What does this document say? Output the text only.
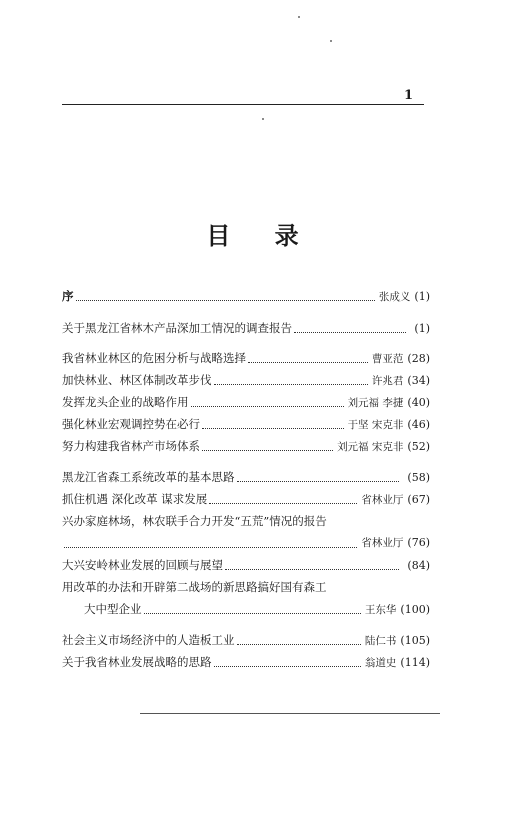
1
目 录
序	张成义 (1)
关于黑龙江省林木产品深加工情况的调查报告	(1)
我省林业林区的危困分析与战略选择	曹亚范 (28)
加快林业、林区体制改革步伐	许兆君 (34)
发挥龙头企业的战略作用	刘元福 李捷 (40)
强化林业宏观调控势在必行	于坚 宋克非 (46)
努力构建我省林产市场体系	刘元福 宋克非 (52)
黑龙江省森工系统改革的基本思路	(58)
抓住机遇 深化改革 谋求发展	省林业厅 (67)
兴办家庭林场，林农联手合力开发“五荒”情况的报告
省林业厅 (76)
大兴安岭林业发展的回顾与展望	(84)
用改革的办法和开辟第二战场的新思路搞好国有森工
大中型企业	王东华 (100)
社会主义市场经济中的人造板工业	陆仁书 (105)
关于我省林业发展战略的思路	翁道史 (114)
